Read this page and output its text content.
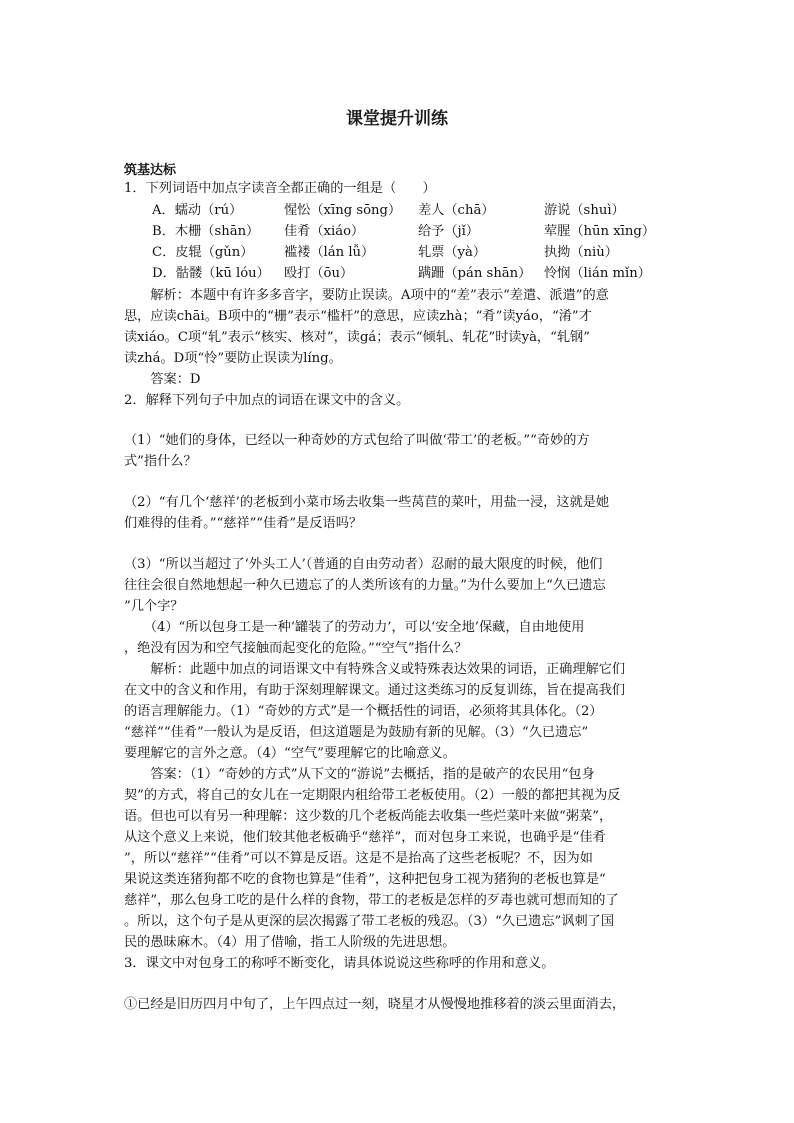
课堂提升训练
筑基达标
1．下列词语中加点字读音全都正确的一组是（　　）
A．蠕动（rú）	惺忪（xīng sōng） 差人（chā）	游说（shuì）
B．木栅（shān） 佳肴（xiáo）	给予（jǐ）	荤腥（hūn xīng）
C．皮辊（gǔn） 褴褛（lán lǚ）	轧票（yà）	执拗（niù）
D．骷髅（kū lóu） 殴打（ōu）	蹒跚（pán shān） 怜悯（lián mǐn）
　　解析：本题中有许多多音字，要防止误读。A项中的“差”表示“差遣、派遣”的意
思，应读chāi。B项中的“栅”表示“槛杆”的意思，应读zhà；“肴”读yáo，“淆”才
读xiáo。C项“轧”表示“核实、核对”，读gá；表示“倾轧、轧花”时读yà，“轧钢”
读zhá。D项“怜”要防止误读为líng。
　　答案：D
2．解释下列句子中加点的词语在课文中的含义。
（1）“她们的身体，已经以一种奇妙的方式包给了叫做‘带工’的老板。”“奇妙的方
式”指什么？
（2）“有几个‘慈祥’的老板到小菜市场去收集一些莴苣的菜叶，用盐一浸，这就是她
们难得的佳肴。”“慈祥”“佳肴”是反语吗？
（3）“所以当超过了‘外头工人’（普通的自由劳动者）忍耐的最大限度的时候，他们
往往会很自然地想起一种久已遗忘了的人类所该有的力量。”为什么要加上“久已遗忘
”几个字？
　　（4）“所以包身工是一种‘罐装了的劳动力’，可以‘安全地’保藏，自由地使用
，绝没有因为和空气接触而起变化的危险。”“空气”指什么？
　　解析：此题中加点的词语课文中有特殊含义或特殊表达效果的词语，正确理解它们
在文中的含义和作用，有助于深刻理解课文。通过这类练习的反复训练，旨在提高我们
的语言理解能力。（1）“奇妙的方式”是一个概括性的词语，必须将其具体化。（2）
“慈祥”“佳肴”一般认为是反语，但这道题是为鼓励有新的见解。（3）“久已遗忘”
要理解它的言外之意。（4）“空气”要理解它的比喻意义。
　　答案：（1）“奇妙的方式”从下文的“游说”去概括，指的是破产的农民用“包身
契”的方式，将自己的女儿在一定期限内租给带工老板使用。（2）一般的都把其视为反
语。但也可以有另一种理解：这少数的几个老板尚能去收集一些烂菜叶来做“粥菜”，
从这个意义上来说，他们较其他老板确乎“慈祥”，而对包身工来说，也确乎是“佳肴
”，所以“慈祥”“佳肴”可以不算是反语。这是不是抬高了这些老板呢？不，因为如
果说这类连猪狗都不吃的食物也算是“佳肴”，这种把包身工视为猪狗的老板也算是“
慈祥”，那么包身工吃的是什么样的食物，带工的老板是怎样的歹毒也就可想而知的了
。所以，这个句子是从更深的层次揭露了带工老板的残忍。（3）“久已遗忘”讽刺了国
民的愚昧麻木。（4）用了借喻，指工人阶级的先进思想。
3．课文中对包身工的称呼不断变化，请具体说说这些称呼的作用和意义。
①已经是旧历四月中旬了，上午四点过一刻，晓星才从慢慢地推移着的淡云里面消去，
